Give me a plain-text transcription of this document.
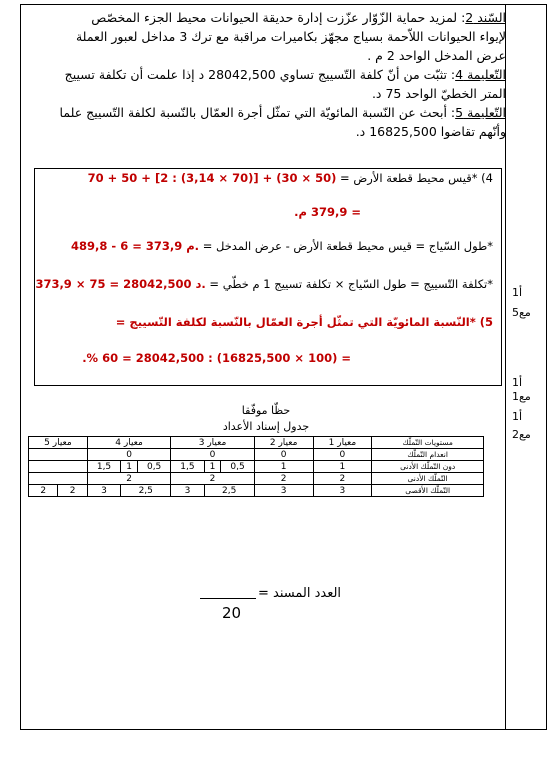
السّند 2: لمزيد حماية الزّوّار عزّزت إدارة حديقة الحيوانات محيط الجزء المخصّص
لإيواء الحيوانات اللاّحمة بسياج مجهّز بكاميرات مراقبة مع ترك 3 مداخل لعبور العملة
عرض المدخل الواحد 2 م .
التّعليمة 4: تثبّت من أنّ كلفة التّسييج تساوي 28042,500 د إذا علمت أن تكلفة تسييج
المتر الخطيّ الواحد 75 د.
التّعليمة 5: أبحث عن النّسبة المائويّة التي تمثّل أجرة العمّال بالنّسبة لكلفة التّسييج علما
وأنّهم تقاضوا 16825,500 د.
4) *قيس محيط قطعة الأرض = 70 + 50 + [2 : (3,14 × 70)] + (30 × 50)
= 379,9 م.
*طول السّياج = قيس محيط قطعة الأرض - عرض المدخل = 489,8 - 6 = 373,9 م.
*تكلفة التّسييج = طول السّياج × تكلفة تسييج 1 م خطّي = 373,9 × 75 = 28042,500 د.
5) *النّسبة المائويّة التي تمثّل أجرة العمّال بالنّسبة لكلفة التّسييج =
= (100 × 16825,500) : 28042,500 = 60 %.
أ1
مع5
أ1
مع1
أ1
مع2
حظّا موفّقا
جدول إسناد الأعداد
مستويات التّملّك	معيار 1	معيار 2	معيار 3			معيار 4			معيار 5	
انعدام التّملّك	0	0	0			0				
دون التّملّك الأدنى	1	1	0,5	1	1,5	0,5	1	1,5		
التّملّك الأدنى	2	2	2			2				
التّملّك الأقصى	3	3	2,5		3	2,5		3	2	2
العدد المسند =
20
